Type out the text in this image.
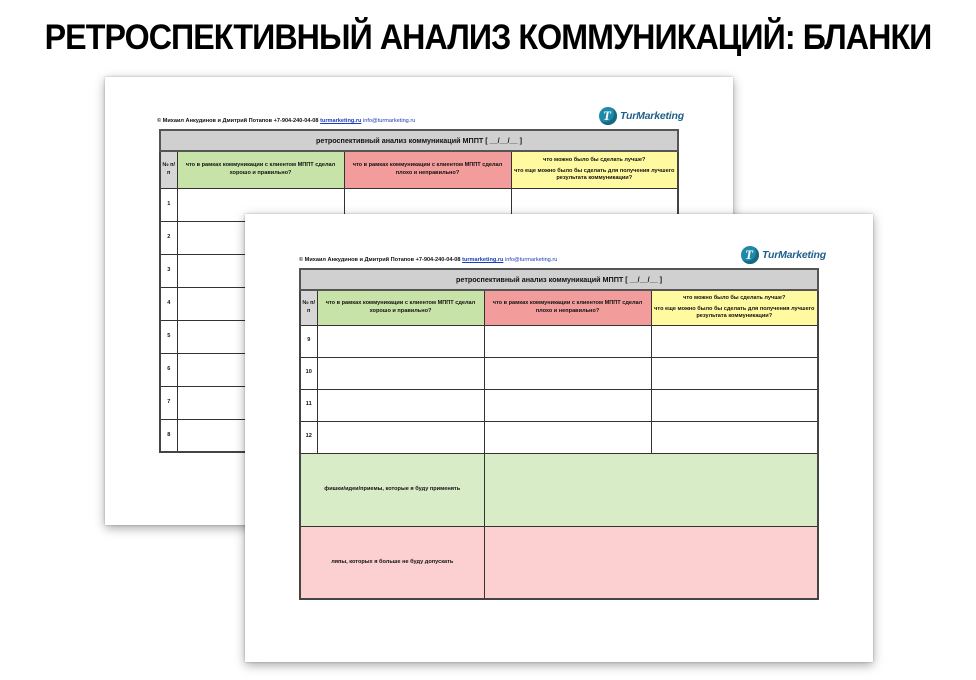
РЕТРОСПЕКТИВНЫЙ АНАЛИЗ КОММУНИКАЦИЙ: БЛАНКИ
© Михаил Анкудинов и Дмитрий Потапов +7-904-240-04-08 turmarketing.ru info@turmarketing.ru T	TurMarketing
ретроспективный анализ коммуникаций МППТ [ __/__/__ ]			
№ п/п	что в рамках коммуникации с клиентом МППТ сделал хорошо и правильно?	что в рамках коммуникации с клиентом МППТ сделал плохо и неправильно?	что можно было бы сделать лучше?
что еще можно было бы сделать для получения лучшего результата коммуникации?

1			
2			
3			
4			
5			
6			
7			
8			
© Михаил Анкудинов и Дмитрий Потапов +7-904-240-04-08 turmarketing.ru info@turmarketing.ru T	TurMarketing
ретроспективный анализ коммуникаций МППТ [ __/__/__ ]			
№ п/п	что в рамках коммуникации с клиентом МППТ сделал хорошо и правильно?	что в рамках коммуникации с клиентом МППТ сделал плохо и неправильно?	что можно было бы сделать лучше?
что еще можно было бы сделать для получения лучшего результата коммуникации?

9			
10			
11			
12			
фишки/идеи/приемы, которые я буду применять			
ляпы, которых я больше не буду допускать			
